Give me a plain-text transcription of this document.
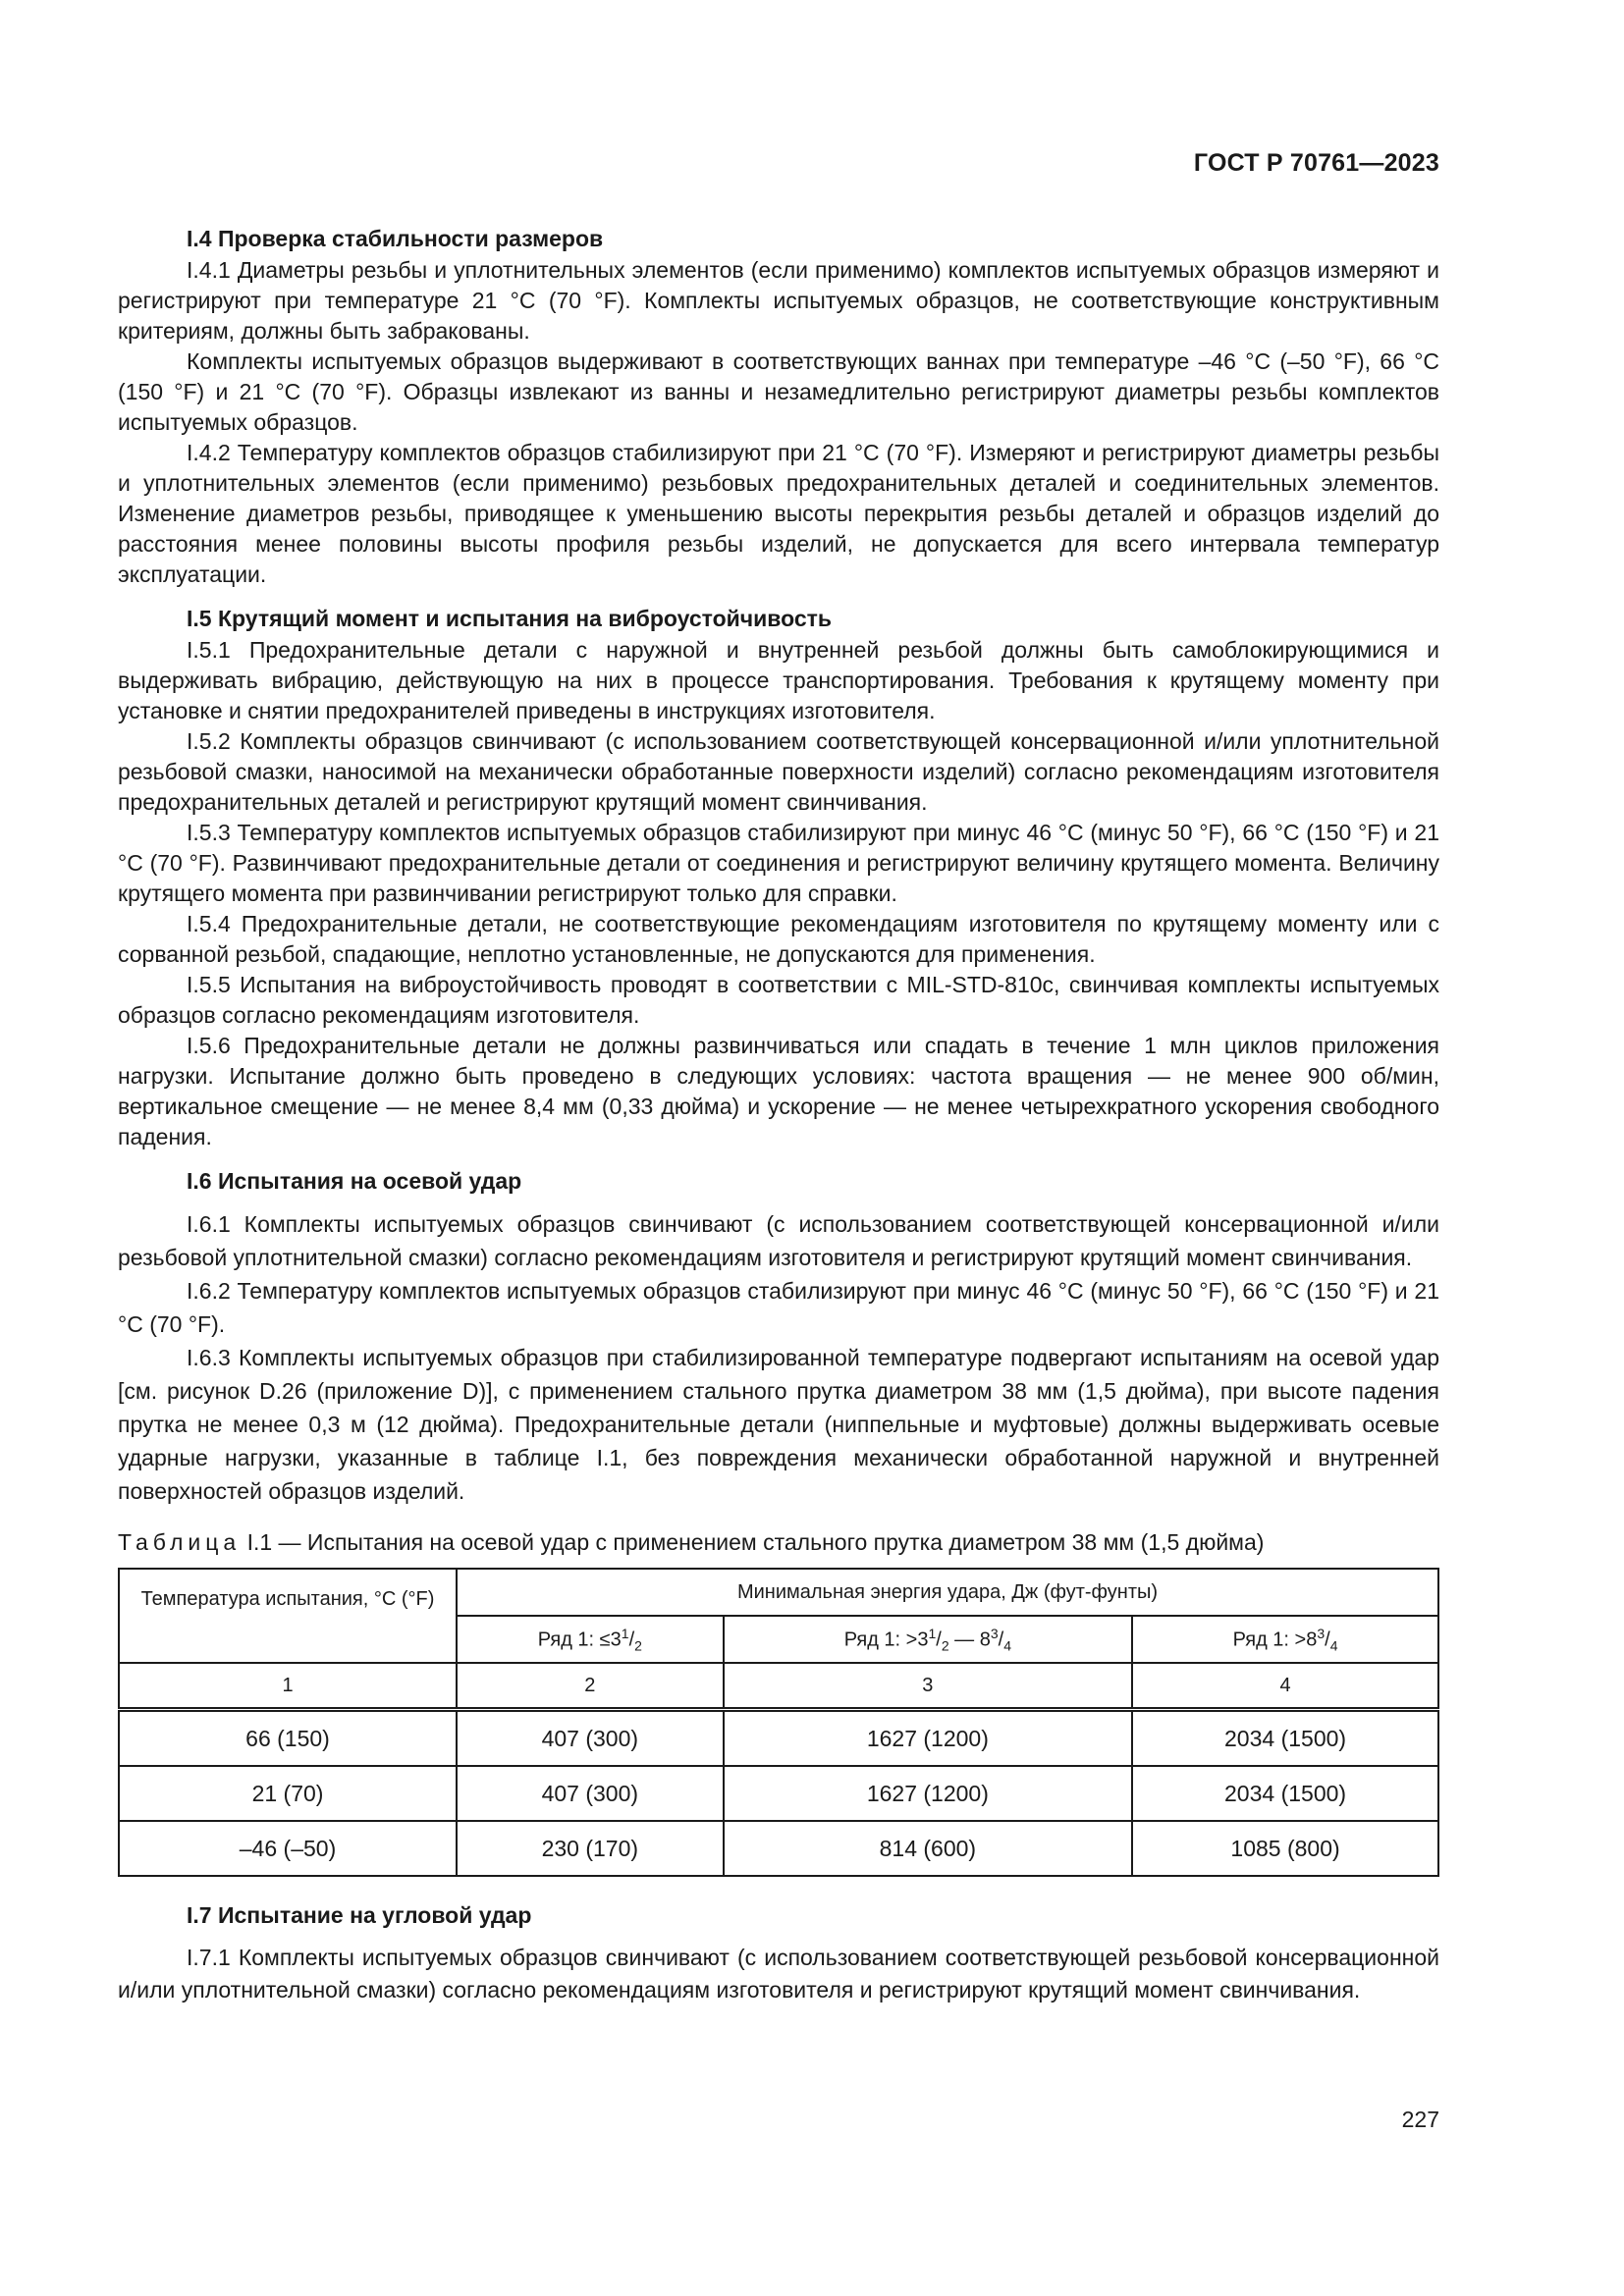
ГОСТ Р 70761—2023
I.4 Проверка стабильности размеров

I.4.1 Диаметры резьбы и уплотнительных элементов (если применимо) комплектов испытуемых образцов измеряют и регистрируют при температуре 21 °С (70 °F). Комплекты испытуемых образцов, не соответствующие конструктивным критериям, должны быть забракованы.

Комплекты испытуемых образцов выдерживают в соответствующих ваннах при температуре –46 °С (–50 °F), 66 °С (150 °F) и 21 °С (70 °F). Образцы извлекают из ванны и незамедлительно регистрируют диаметры резьбы комплектов испытуемых образцов.

I.4.2 Температуру комплектов образцов стабилизируют при 21 °С (70 °F). Измеряют и регистрируют диаметры резьбы и уплотнительных элементов (если применимо) резьбовых предохранительных деталей и соединительных элементов. Изменение диаметров резьбы, приводящее к уменьшению высоты перекрытия резьбы деталей и образцов изделий до расстояния менее половины высоты профиля резьбы изделий, не допускается для всего интервала температур эксплуатации.

I.5 Крутящий момент и испытания на виброустойчивость

I.5.1 Предохранительные детали с наружной и внутренней резьбой должны быть самоблокирующимися и выдерживать вибрацию, действующую на них в процессе транспортирования. Требования к крутящему моменту при установке и снятии предохранителей приведены в инструкциях изготовителя.

I.5.2 Комплекты образцов свинчивают (с использованием соответствующей консервационной и/или уплотнительной резьбовой смазки, наносимой на механически обработанные поверхности изделий) согласно рекомендациям изготовителя предохранительных деталей и регистрируют крутящий момент свинчивания.

I.5.3 Температуру комплектов испытуемых образцов стабилизируют при минус 46 °С (минус 50 °F), 66 °С (150 °F) и 21 °С (70 °F). Развинчивают предохранительные детали от соединения и регистрируют величину крутящего момента. Величину крутящего момента при развинчивании регистрируют только для справки.

I.5.4 Предохранительные детали, не соответствующие рекомендациям изготовителя по крутящему моменту или с сорванной резьбой, спадающие, неплотно установленные, не допускаются для применения.

I.5.5 Испытания на виброустойчивость проводят в соответствии с MIL-STD-810c, свинчивая комплекты испытуемых образцов согласно рекомендациям изготовителя.

I.5.6 Предохранительные детали не должны развинчиваться или спадать в течение 1 млн циклов приложения нагрузки. Испытание должно быть проведено в следующих условиях: частота вращения — не менее 900 об/мин, вертикальное смещение — не менее 8,4 мм (0,33 дюйма) и ускорение — не менее четырехкратного ускорения свободного падения.

I.6 Испытания на осевой удар

I.6.1 Комплекты испытуемых образцов свинчивают (с использованием соответствующей консервационной и/или резьбовой уплотнительной смазки) согласно рекомендациям изготовителя и регистрируют крутящий момент свинчивания.

I.6.2 Температуру комплектов испытуемых образцов стабилизируют при минус 46 °С (минус 50 °F), 66 °С (150 °F) и 21 °С (70 °F).

I.6.3 Комплекты испытуемых образцов при стабилизированной температуре подвергают испытаниям на осевой удар [см. рисунок D.26 (приложение D)], с применением стального прутка диаметром 38 мм (1,5 дюйма), при высоте падения прутка не менее 0,3 м (12 дюйма). Предохранительные детали (ниппельные и муфтовые) должны выдерживать осевые ударные нагрузки, указанные в таблице I.1, без повреждения механически обработанной наружной и внутренней поверхностей образцов изделий.

Таблица I.1 — Испытания на осевой удар с применением стального прутка диаметром 38 мм (1,5 дюйма)
Температура испытания, °С (°F)	Минимальная энергия удара, Дж (фут-фунты)		
	Ряд 1: $\le 3^1/_2$	Ряд 1: $>3^1/_2$ — $8^3/_4$	Ряд 1: $>8^3/_4$
1	2	3	4
66 (150)	407 (300)	1627 (1200)	2034 (1500)
21 (70)	407 (300)	1627 (1200)	2034 (1500)
–46 (–50)	230 (170)	814 (600)	1085 (800)
I.7 Испытание на угловой удар

I.7.1 Комплекты испытуемых образцов свинчивают (с использованием соответствующей резьбовой консервационной и/или уплотнительной смазки) согласно рекомендациям изготовителя и регистрируют крутящий момент свинчивания.

227
